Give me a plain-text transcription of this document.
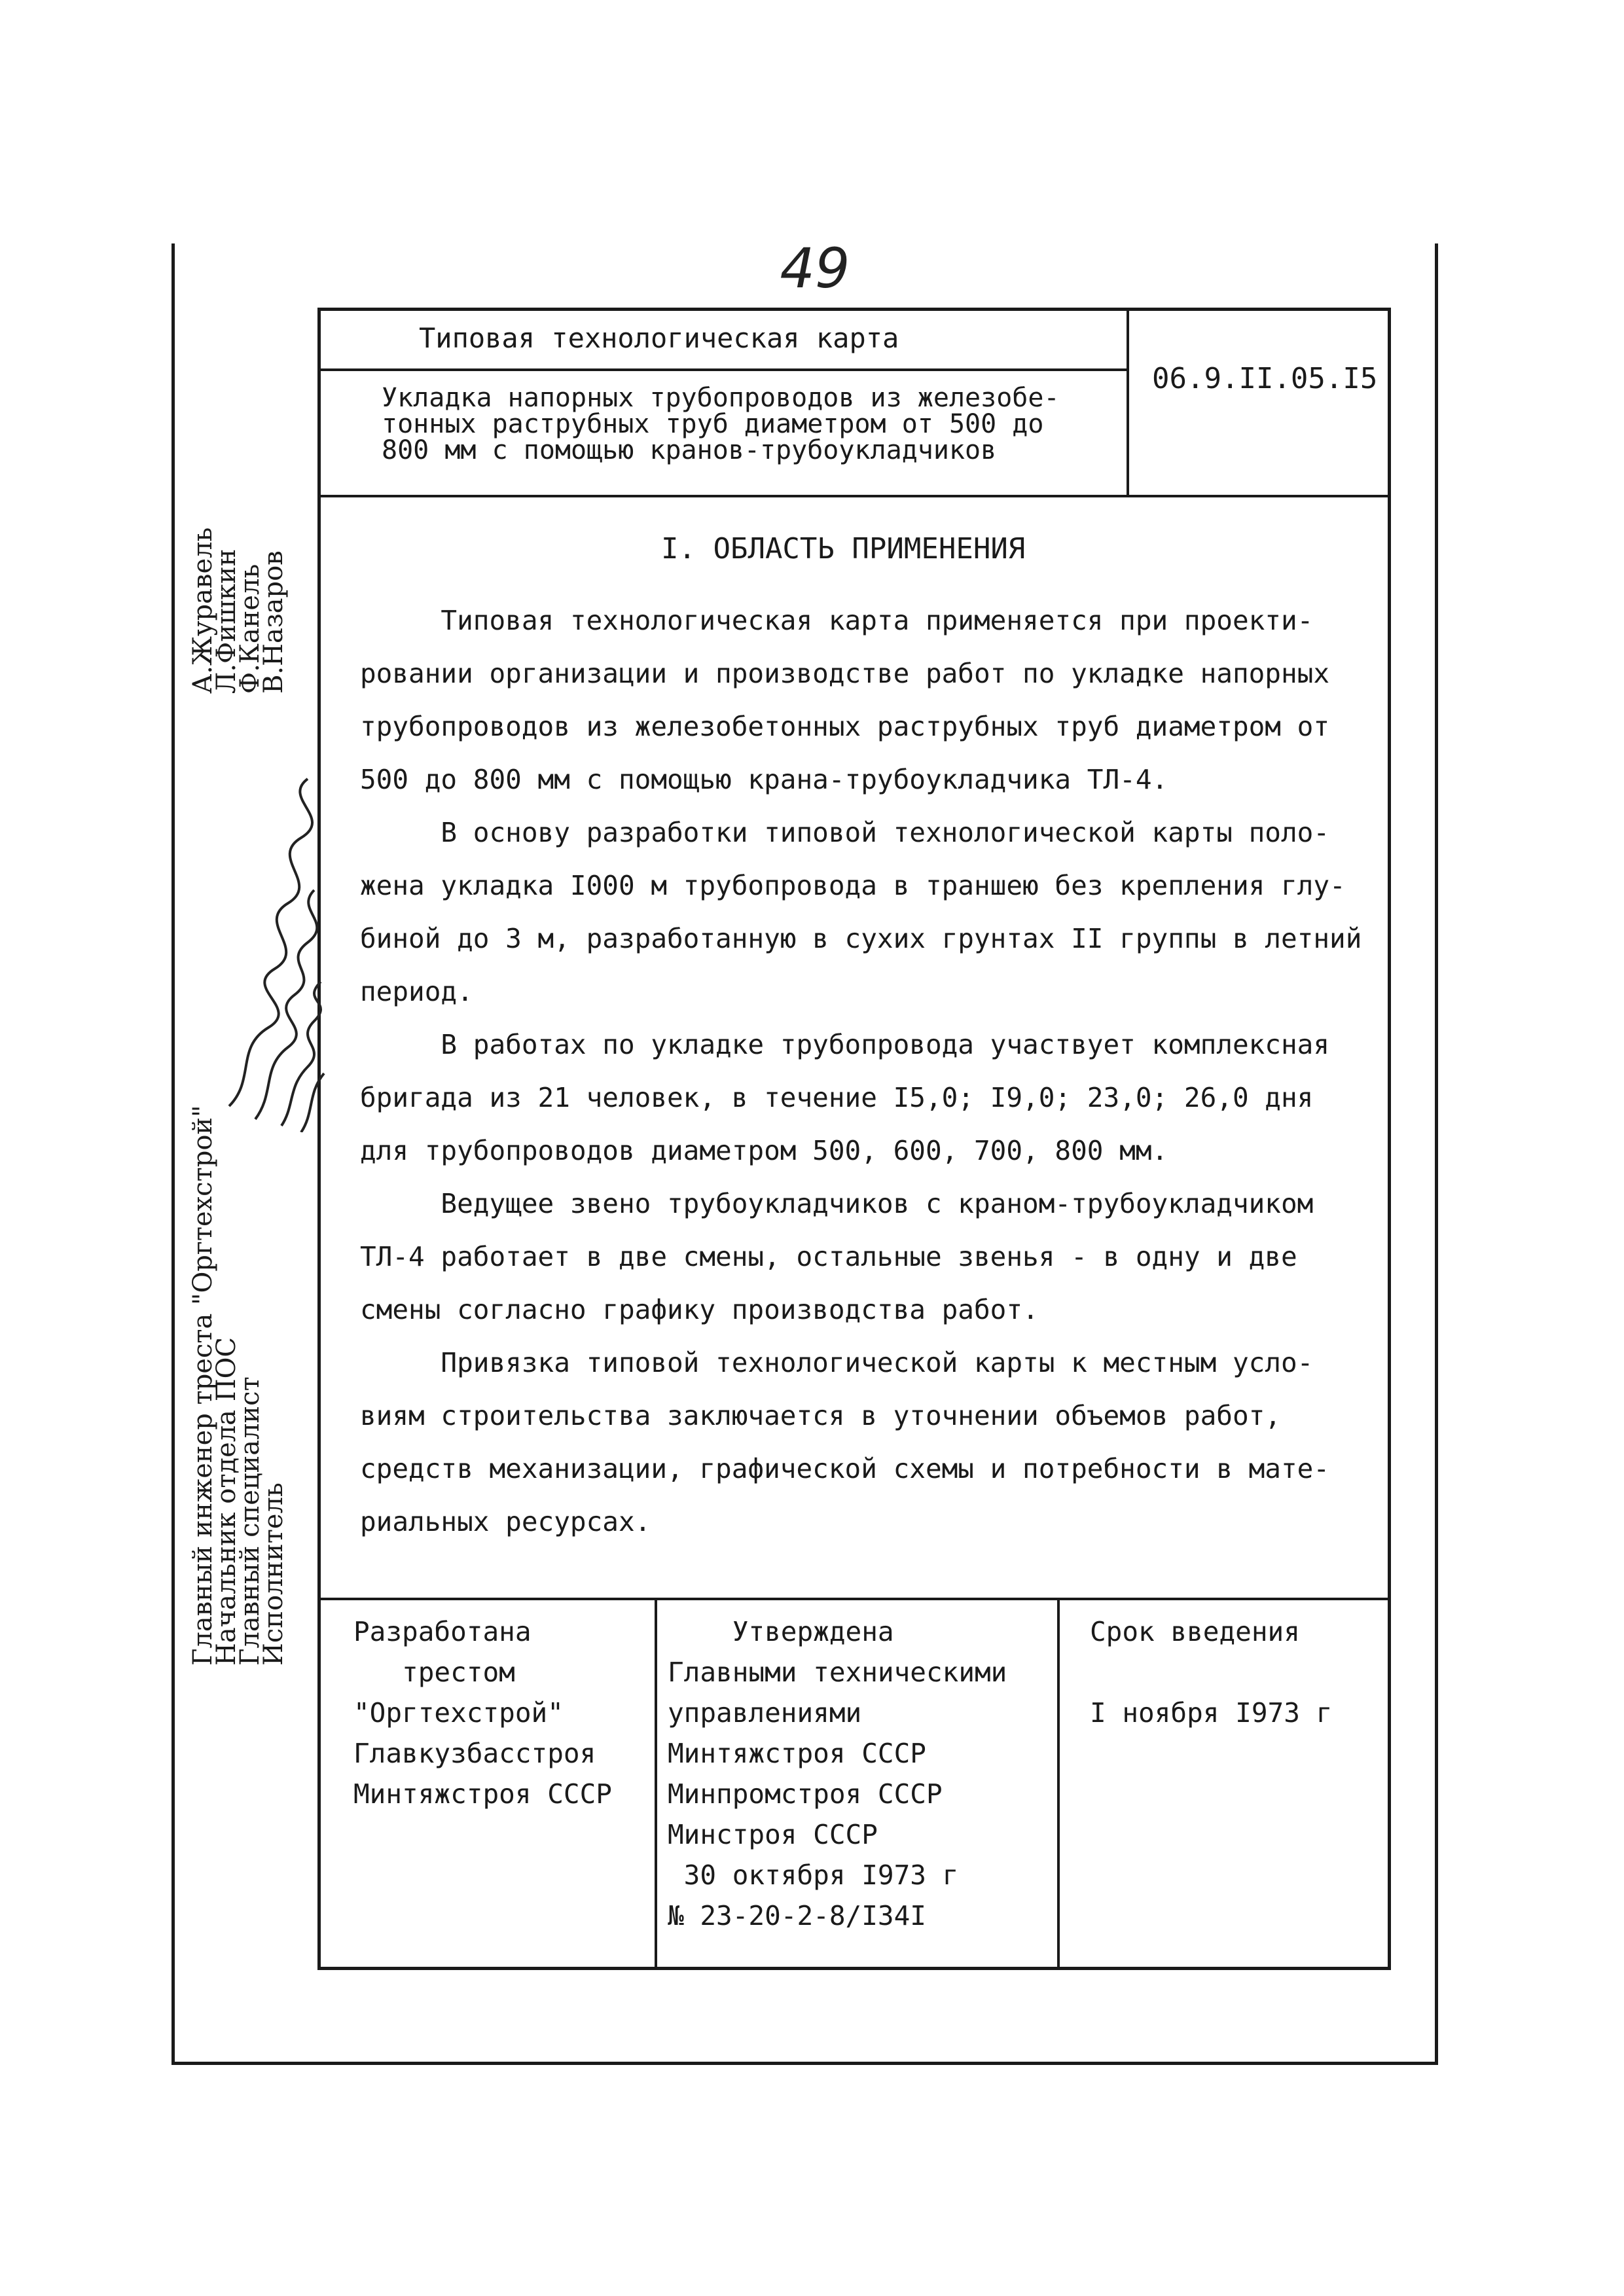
49
Типовая технологическая карта
06.9.II.05.I5
Укладка напорных трубопроводов из железобе-
тонных раструбных труб диаметром от 500 до
800 мм с помощью кранов-трубоукладчиков
I. ОБЛАСТЬ ПРИМЕНЕНИЯ
Типовая технологическая карта применяется при проекти-
ровании организации и производстве работ по укладке напорных
трубопроводов из железобетонных раструбных труб диаметром от
500 до 800 мм с помощью крана-трубоукладчика ТЛ-4.
В основу разработки типовой технологической карты поло-
жена укладка I000 м трубопровода в траншею без крепления глу-
биной до 3 м, разработанную в сухих грунтах II группы в летний
период.
В работах по укладке трубопровода участвует комплексная
бригада из 21 человек, в течение I5,0; I9,0; 23,0; 26,0 дня
для трубопроводов диаметром 500, 600, 700, 800 мм.
Ведущее звено трубоукладчиков с краном-трубоукладчиком
ТЛ-4 работает в две смены, остальные звенья - в одну и две
смены согласно графику производства работ.
Привязка типовой технологической карты к местным усло-
виям строительства заключается в уточнении объемов работ,
средств механизации, графической схемы и потребности в мате-
риальных ресурсах.
Разработана
трестом
"Оргтехстрой"
Главкузбасстроя
Минтяжстроя СССР
Утверждена
Главными техническими
управлениями
Минтяжстроя СССР
Минпромстроя СССР
Минстроя СССР
30 октября I973 г
№ 23-20-2-8/I34I
Срок введения

I ноября I973 г
Главный инженер треста "Оргтехстрой"
Начальник отдела ПОС
Главный специалист
Исполнитель
А.Журавель
Л.Фишкин
Ф.Канель
В.Назаров
